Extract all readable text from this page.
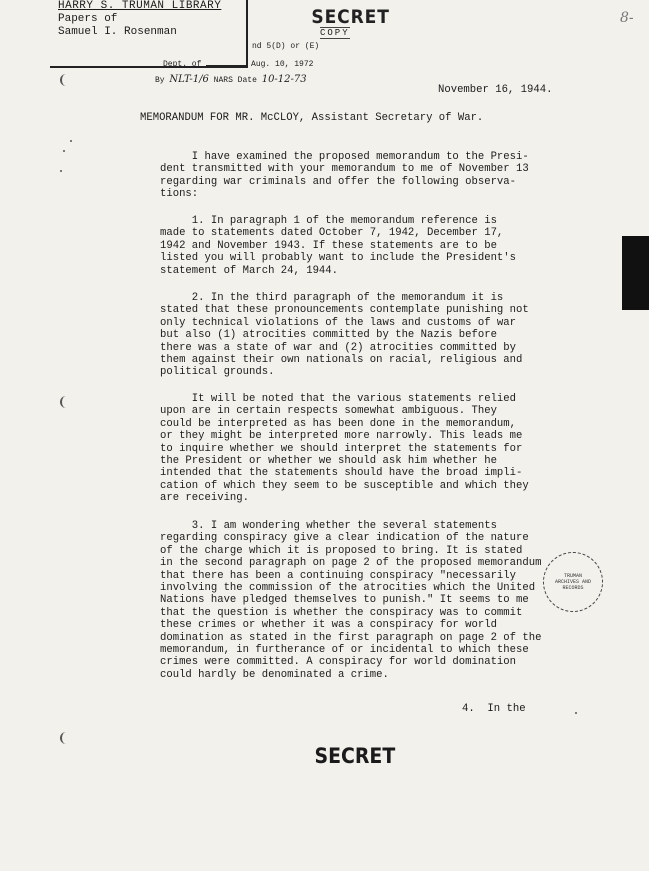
HARRY S. TRUMAN LIBRARY
Papers of
Samuel I. Rosenman
SECRET
COPY
nd 5(D) or (E)
Dept. of	Aug. 10, 1972
By NLT-1/6 NARS Date 10-12-73
8-
November 16, 1944.
MEMORANDUM FOR MR. McCLOY, Assistant Secretary of War.
I have examined the proposed memorandum to the Presi-
dent transmitted with your memorandum to me of November 13
regarding war criminals and offer the following observa-
tions:
1. In paragraph 1 of the memorandum reference is
made to statements dated October 7, 1942, December 17,
1942 and November 1943. If these statements are to be
listed you will probably want to include the President's
statement of March 24, 1944.
2. In the third paragraph of the memorandum it is
stated that these pronouncements contemplate punishing not
only technical violations of the laws and customs of war
but also (1) atrocities committed by the Nazis before
there was a state of war and (2) atrocities committed by
them against their own nationals on racial, religious and
political grounds.
It will be noted that the various statements relied
upon are in certain respects somewhat ambiguous. They
could be interpreted as has been done in the memorandum,
or they might be interpreted more narrowly. This leads me
to inquire whether we should interpret the statements for
the President or whether we should ask him whether he
intended that the statements should have the broad impli-
cation of which they seem to be susceptible and which they
are receiving.
3. I am wondering whether the several statements
regarding conspiracy give a clear indication of the nature
of the charge which it is proposed to bring. It is stated
in the second paragraph on page 2 of the proposed memorandum
that there has been a continuing conspiracy "necessarily
involving the commission of the atrocities which the United
Nations have pledged themselves to punish." It seems to me
that the question is whether the conspiracy was to commit
these crimes or whether it was a conspiracy for world
domination as stated in the first paragraph on page 2 of the
memorandum, in furtherance of or incidental to which these
crimes were committed. A conspiracy for world domination
could hardly be denominated a crime.
4.  In the
TRUMAN
ARCHIVES AND
RECORDS
SECRET
